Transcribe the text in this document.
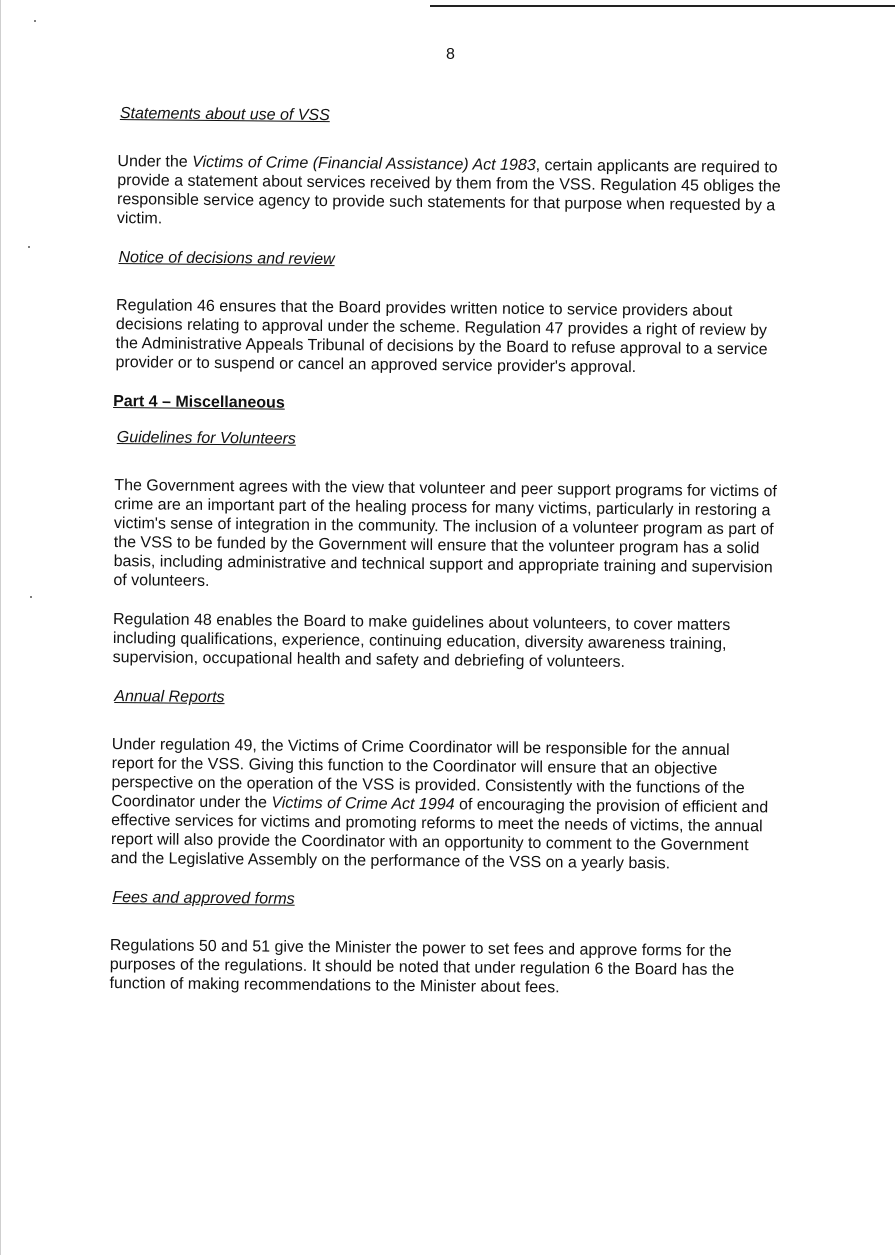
8
Statements about use of VSS

Under the Victims of Crime (Financial Assistance) Act 1983, certain applicants are required to provide a statement about services received by them from the VSS. Regulation 45 obliges the responsible service agency to provide such statements for that purpose when requested by a victim.

Notice of decisions and review

Regulation 46 ensures that the Board provides written notice to service providers about decisions relating to approval under the scheme. Regulation 47 provides a right of review by the Administrative Appeals Tribunal of decisions by the Board to refuse approval to a service provider or to suspend or cancel an approved service provider's approval.

Part 4 – Miscellaneous
Guidelines for Volunteers

The Government agrees with the view that volunteer and peer support programs for victims of crime are an important part of the healing process for many victims, particularly in restoring a victim's sense of integration in the community. The inclusion of a volunteer program as part of the VSS to be funded by the Government will ensure that the volunteer program has a solid basis, including administrative and technical support and appropriate training and supervision of volunteers.

Regulation 48 enables the Board to make guidelines about volunteers, to cover matters including qualifications, experience, continuing education, diversity awareness training, supervision, occupational health and safety and debriefing of volunteers.

Annual Reports

Under regulation 49, the Victims of Crime Coordinator will be responsible for the annual report for the VSS. Giving this function to the Coordinator will ensure that an objective perspective on the operation of the VSS is provided. Consistently with the functions of the Coordinator under the Victims of Crime Act 1994 of encouraging the provision of efficient and effective services for victims and promoting reforms to meet the needs of victims, the annual report will also provide the Coordinator with an opportunity to comment to the Government and the Legislative Assembly on the performance of the VSS on a yearly basis.

Fees and approved forms

Regulations 50 and 51 give the Minister the power to set fees and approve forms for the purposes of the regulations. It should be noted that under regulation 6 the Board has the function of making recommendations to the Minister about fees.
